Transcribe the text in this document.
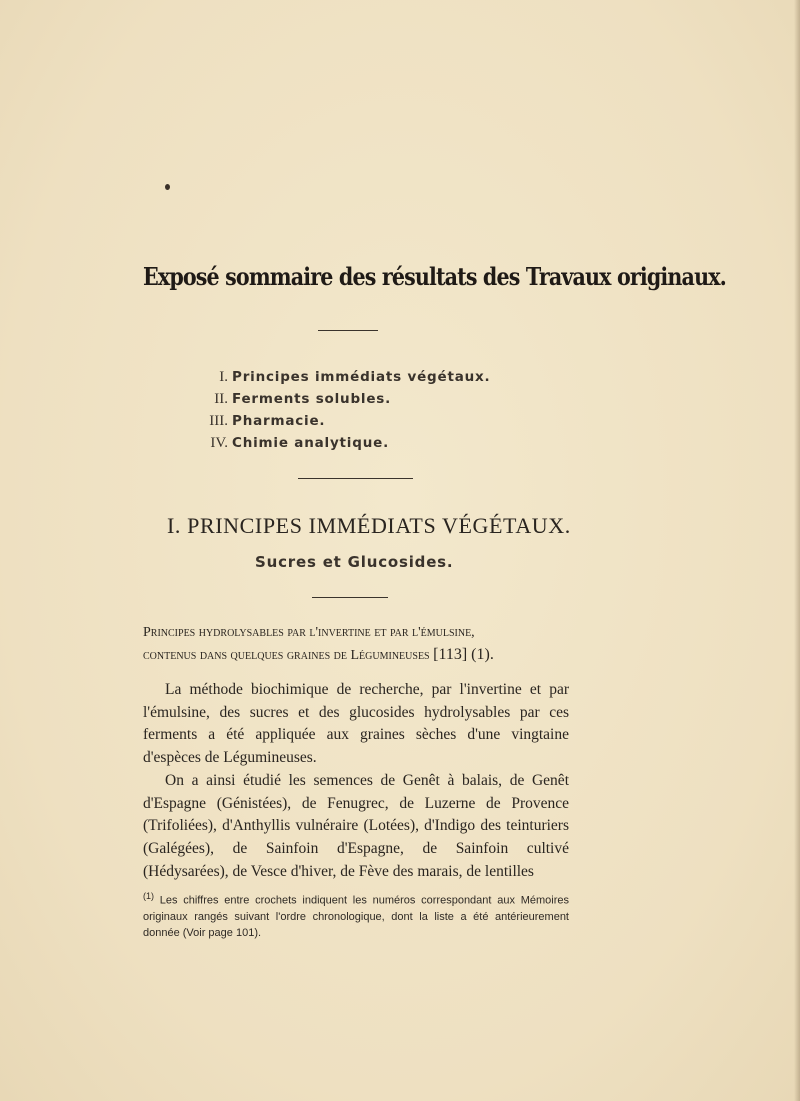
Exposé sommaire des résultats des Travaux originaux.
I. Principes immédiats végétaux.
II. Ferments solubles.
III. Pharmacie.
IV. Chimie analytique.
I. PRINCIPES IMMÉDIATS VÉGÉTAUX.
Sucres et Glucosides.
Principes hydrolysables par l'invertine et par l'émulsine,
contenus dans quelques graines de Légumineuses [113] (1).

La méthode biochimique de recherche, par l'invertine et par l'émulsine, des sucres et des glucosides hydrolysables par ces ferments a été appliquée aux graines sèches d'une vingtaine d'espèces de Légumineuses.

On a ainsi étudié les semences de Genêt à balais, de Genêt d'Espagne (Génistées), de Fenugrec, de Luzerne de Provence (Trifoliées), d'Anthyllis vulnéraire (Lotées), d'Indigo des teinturiers (Galégées), de Sainfoin d'Espagne, de Sainfoin cultivé (Hédysarées), de Vesce d'hiver, de Fève des marais, de lentilles

$^{(1)}$ Les chiffres entre crochets indiquent les numéros correspondant aux Mémoires originaux rangés suivant l'ordre chronologique, dont la liste a été antérieurement donnée (Voir page 101).
